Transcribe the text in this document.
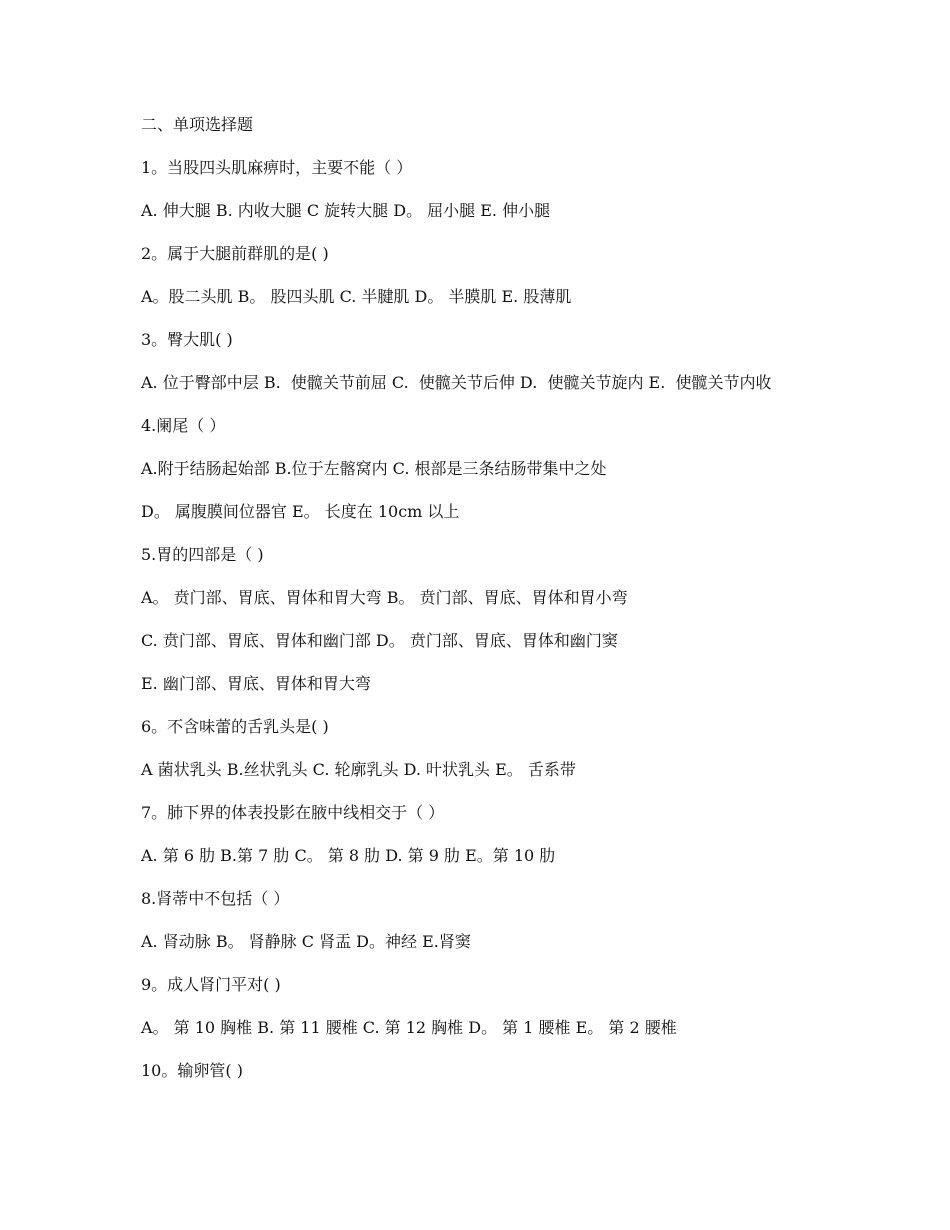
二、单项选择题

1。当股四头肌麻痹时，主要不能（ ）

A. 伸大腿 B. 内收大腿 C 旋转大腿 D。 屈小腿 E. 伸小腿

2。属于大腿前群肌的是( )

A。股二头肌 B。 股四头肌 C. 半腱肌 D。 半膜肌 E. 股薄肌

3。臀大肌( )

A. 位于臀部中层 B.  使髋关节前屈 C.  使髋关节后伸 D.  使髋关节旋内 E.  使髋关节内收

4.阑尾（ ）

A.附于结肠起始部 B.位于左髂窝内 C. 根部是三条结肠带集中之处

D。 属腹膜间位器官 E。 长度在 10cm 以上

5.胃的四部是（ )

A。 贲门部、胃底、胃体和胃大弯 B。 贲门部、胃底、胃体和胃小弯

C. 贲门部、胃底、胃体和幽门部 D。 贲门部、胃底、胃体和幽门窦

E. 幽门部、胃底、胃体和胃大弯

6。不含味蕾的舌乳头是( )

A 菌状乳头 B.丝状乳头 C. 轮廓乳头 D. 叶状乳头 E。 舌系带

7。肺下界的体表投影在腋中线相交于（ ）

A. 第 6 肋 B.第 7 肋 C。 第 8 肋 D. 第 9 肋 E。第 10 肋

8.肾蒂中不包括（ ）

A. 肾动脉 B。 肾静脉 C 肾盂 D。神经 E.肾窦

9。成人肾门平对( )

A。 第 10 胸椎 B. 第 11 腰椎 C. 第 12 胸椎 D。 第 1 腰椎 E。 第 2 腰椎

10。输卵管( )
